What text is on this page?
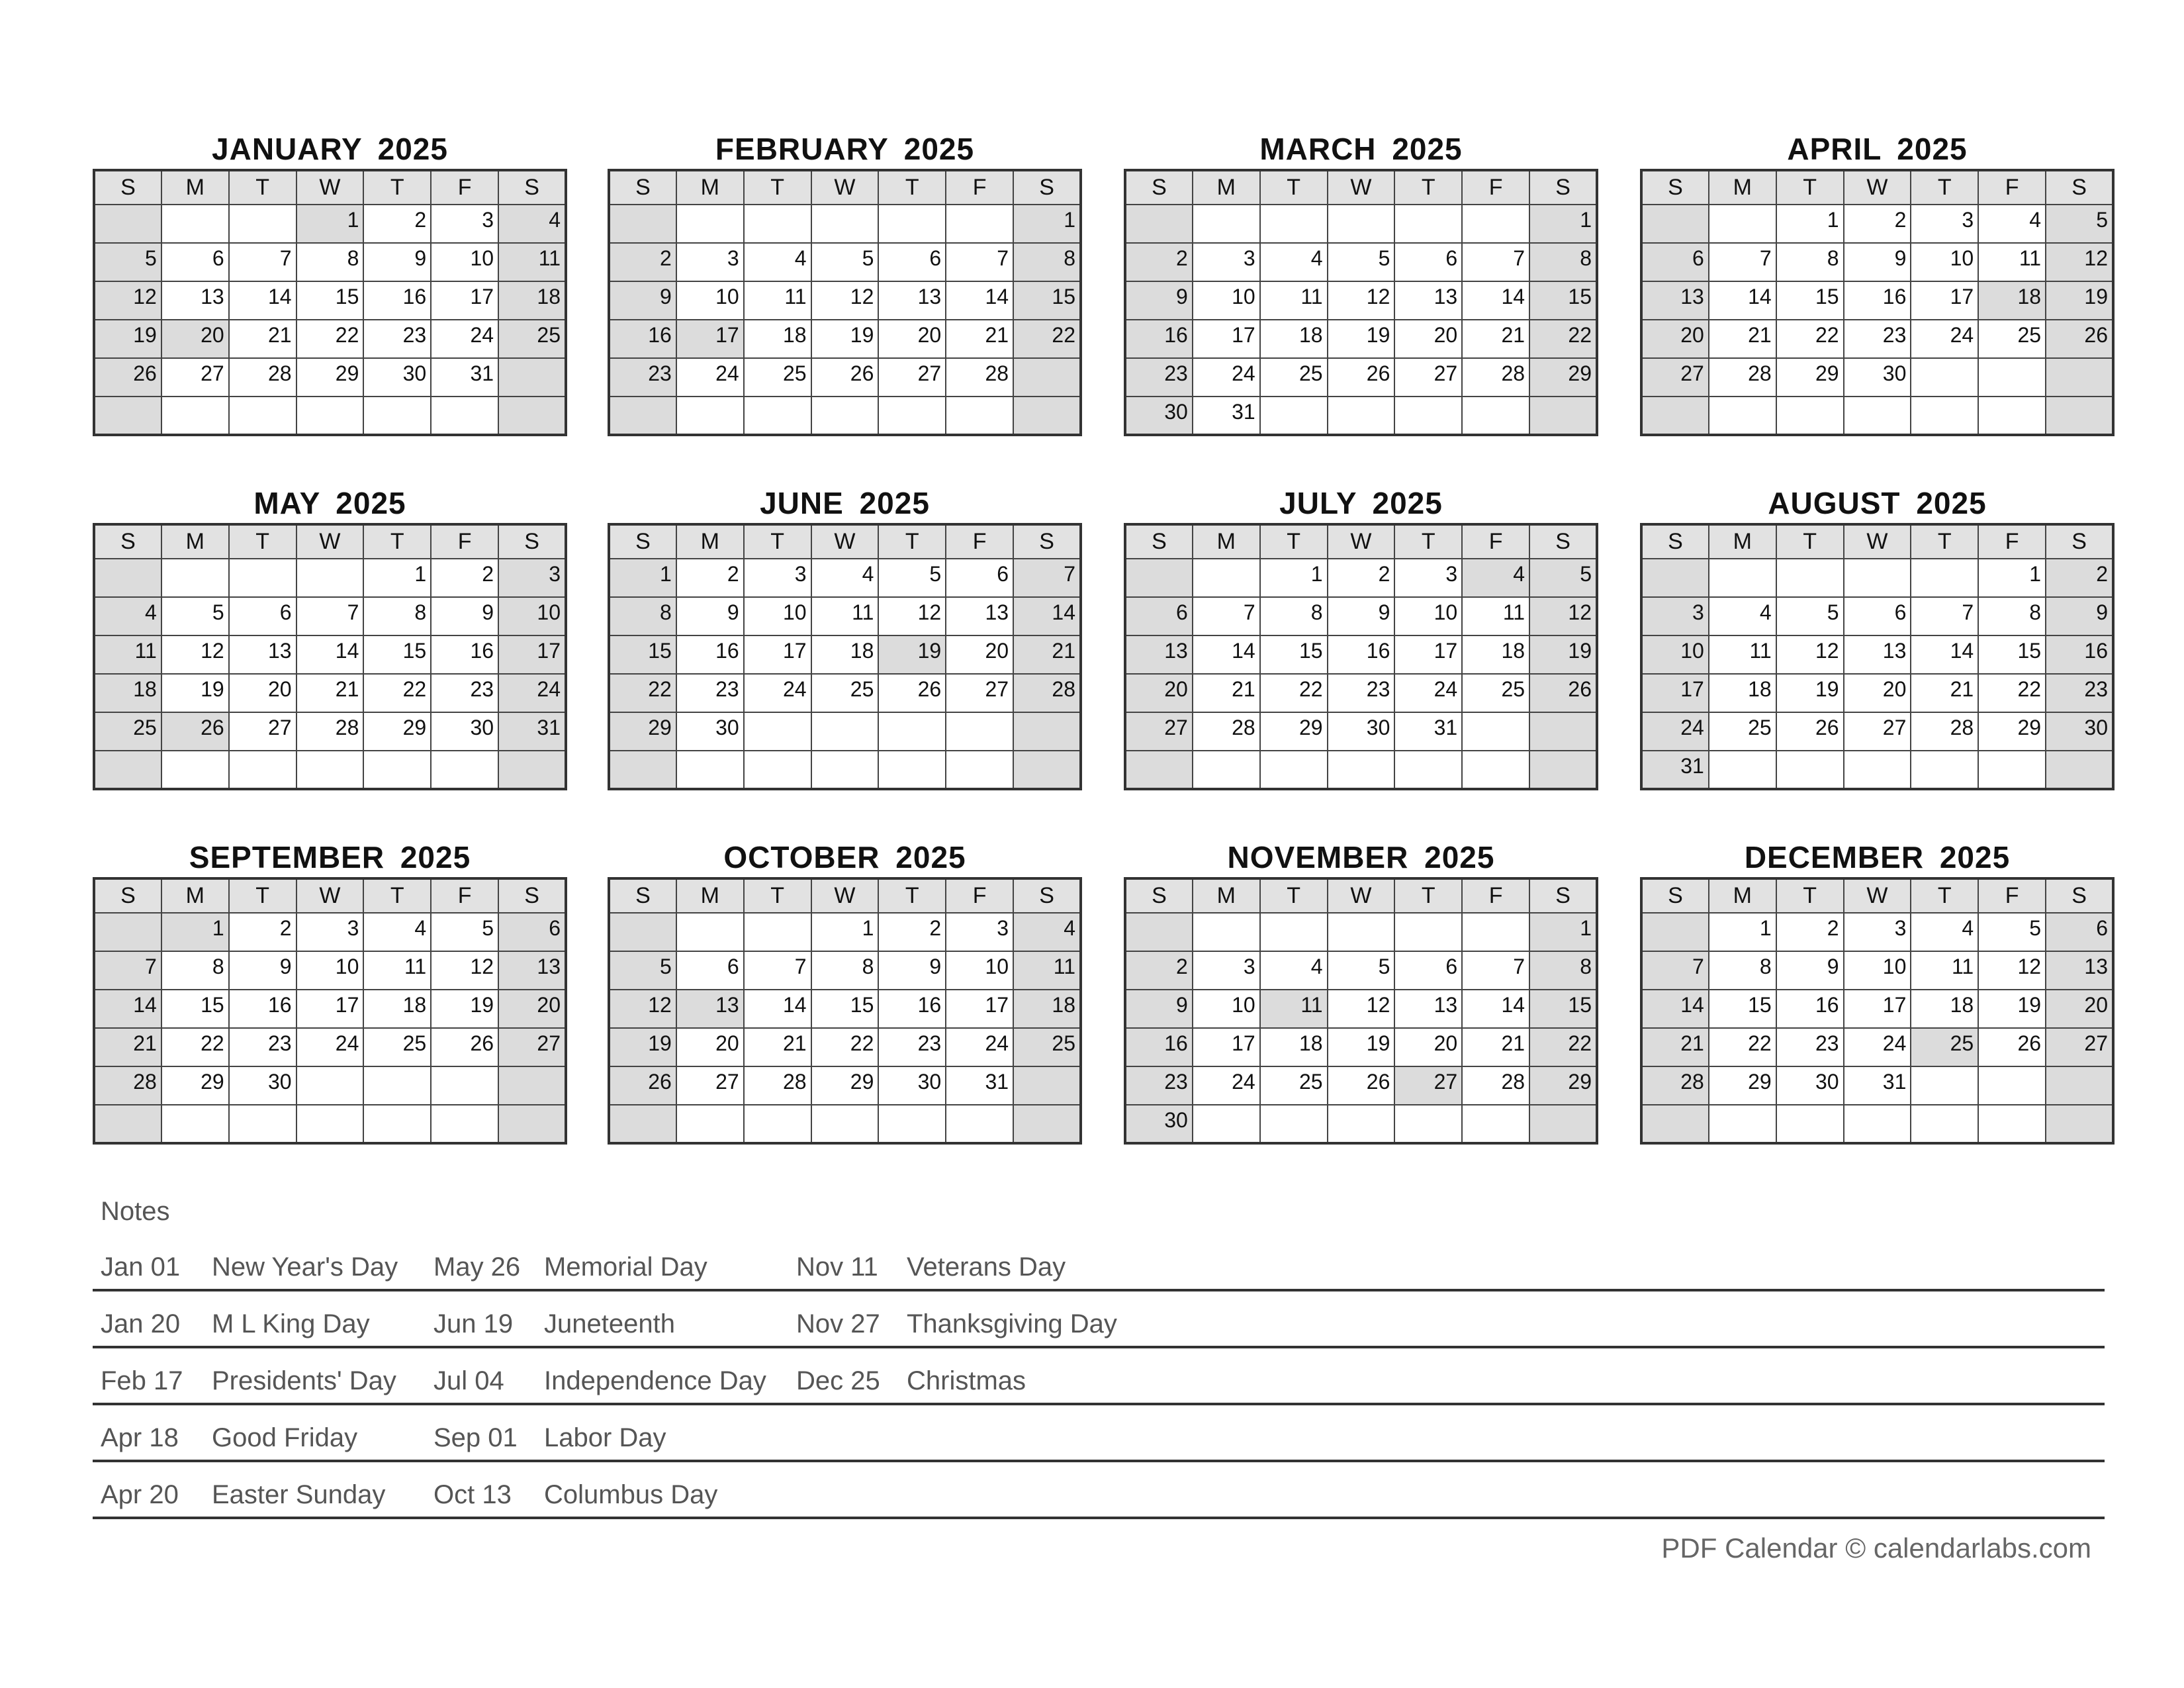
JANUARY 2025
S	M	T	W	T	F	S
			1	2	3	4
5	6	7	8	9	10	11
12	13	14	15	16	17	18
19	20	21	22	23	24	25
26	27	28	29	30	31	

FEBRUARY 2025
S	M	T	W	T	F	S
						1
2	3	4	5	6	7	8
9	10	11	12	13	14	15
16	17	18	19	20	21	22
23	24	25	26	27	28	

MARCH 2025
S	M	T	W	T	F	S
						1
2	3	4	5	6	7	8
9	10	11	12	13	14	15
16	17	18	19	20	21	22
23	24	25	26	27	28	29
30	31					
APRIL 2025
S	M	T	W	T	F	S
		1	2	3	4	5
6	7	8	9	10	11	12
13	14	15	16	17	18	19
20	21	22	23	24	25	26
27	28	29	30			

MAY 2025
S	M	T	W	T	F	S
				1	2	3
4	5	6	7	8	9	10
11	12	13	14	15	16	17
18	19	20	21	22	23	24
25	26	27	28	29	30	31

JUNE 2025
S	M	T	W	T	F	S
1	2	3	4	5	6	7
8	9	10	11	12	13	14
15	16	17	18	19	20	21
22	23	24	25	26	27	28
29	30					

JULY 2025
S	M	T	W	T	F	S
		1	2	3	4	5
6	7	8	9	10	11	12
13	14	15	16	17	18	19
20	21	22	23	24	25	26
27	28	29	30	31		

AUGUST 2025
S	M	T	W	T	F	S
					1	2
3	4	5	6	7	8	9
10	11	12	13	14	15	16
17	18	19	20	21	22	23
24	25	26	27	28	29	30
31						
SEPTEMBER 2025
S	M	T	W	T	F	S
	1	2	3	4	5	6
7	8	9	10	11	12	13
14	15	16	17	18	19	20
21	22	23	24	25	26	27
28	29	30				

OCTOBER 2025
S	M	T	W	T	F	S
			1	2	3	4
5	6	7	8	9	10	11
12	13	14	15	16	17	18
19	20	21	22	23	24	25
26	27	28	29	30	31	

NOVEMBER 2025
S	M	T	W	T	F	S
						1
2	3	4	5	6	7	8
9	10	11	12	13	14	15
16	17	18	19	20	21	22
23	24	25	26	27	28	29
30						
DECEMBER 2025
S	M	T	W	T	F	S
	1	2	3	4	5	6
7	8	9	10	11	12	13
14	15	16	17	18	19	20
21	22	23	24	25	26	27
28	29	30	31			

Notes
Jan 01 New Year's Day May 26 Memorial Day	Nov 11 Veterans Day
Jan 20 M L King Day Jun 19 Juneteenth	Nov 27 Thanksgiving Day
Feb 17 Presidents' Day Jul 04 Independence Day Dec 25 Christmas
Apr 18 Good Friday	Sep 01 Labor Day
Apr 20 Easter Sunday Oct 13 Columbus Day
PDF Calendar © calendarlabs.com
